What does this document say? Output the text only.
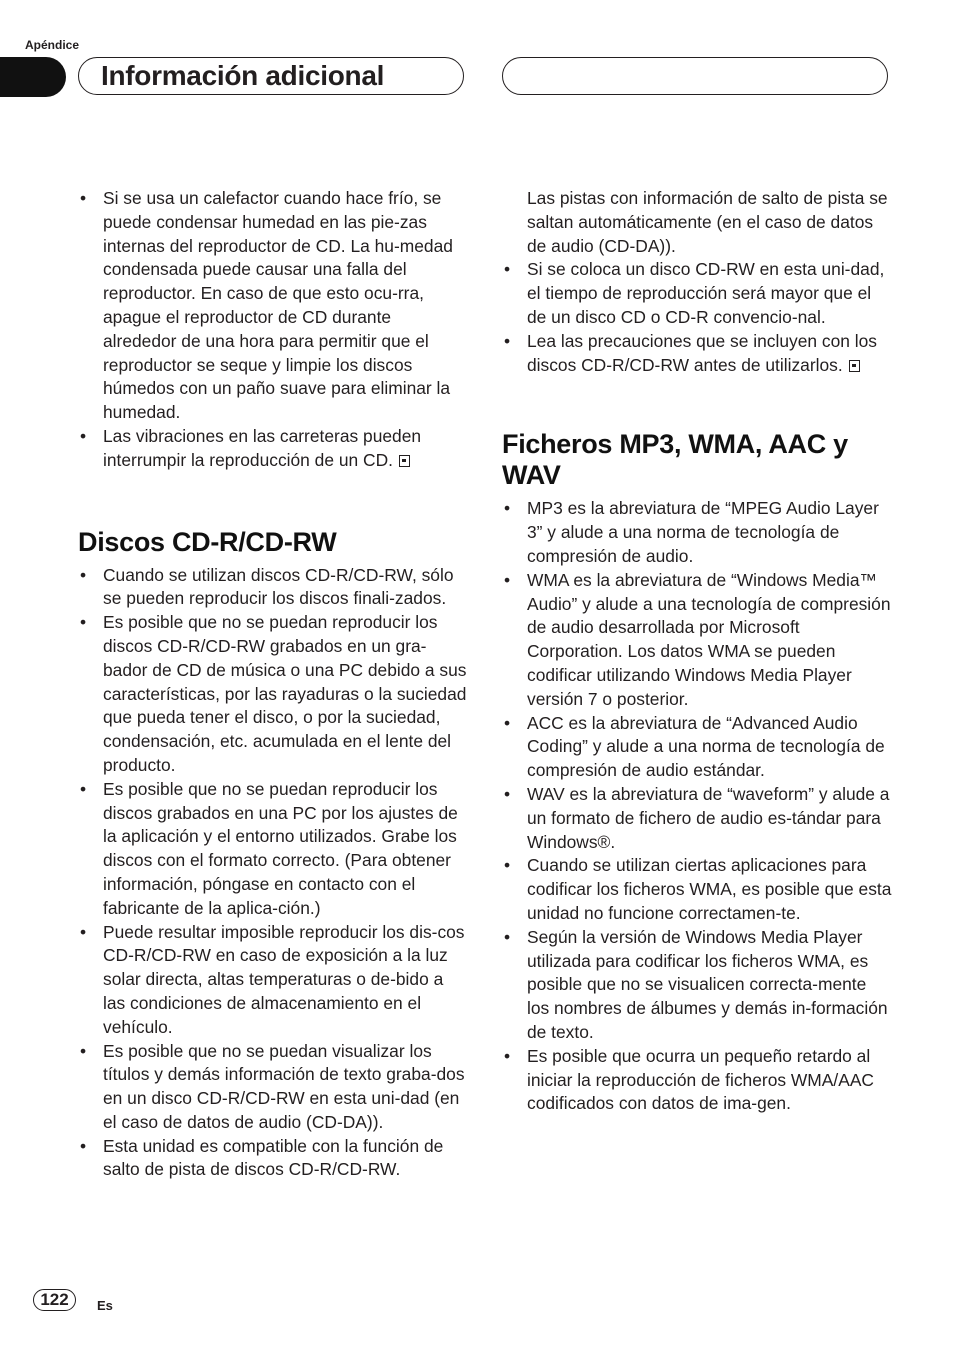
Apéndice
Información adicional
• Si se usa un calefactor cuando hace frío, se puede condensar humedad en las pie-zas internas del reproductor de CD. La hu-medad condensada puede causar una falla del reproductor. En caso de que esto ocu-rra, apague el reproductor de CD durante alrededor de una hora para permitir que el reproductor se seque y limpie los discos húmedos con un paño suave para eliminar la humedad.
• Las vibraciones en las carreteras pueden interrumpir la reproducción de un CD.
Discos CD-R/CD-RW
• Cuando se utilizan discos CD-R/CD-RW, sólo se pueden reproducir los discos finali-zados.
• Es posible que no se puedan reproducir los discos CD-R/CD-RW grabados en un gra-bador de CD de música o una PC debido a sus características, por las rayaduras o la suciedad que pueda tener el disco, o por la suciedad, condensación, etc. acumulada en el lente del producto.
• Es posible que no se puedan reproducir los discos grabados en una PC por los ajustes de la aplicación y el entorno utilizados. Grabe los discos con el formato correcto. (Para obtener información, póngase en contacto con el fabricante de la aplica-ción.)
• Puede resultar imposible reproducir los dis-cos CD-R/CD-RW en caso de exposición a la luz solar directa, altas temperaturas o de-bido a las condiciones de almacenamiento en el vehículo.
• Es posible que no se puedan visualizar los títulos y demás información de texto graba-dos en un disco CD-R/CD-RW en esta uni-dad (en el caso de datos de audio (CD-DA)).
• Esta unidad es compatible con la función de salto de pista de discos CD-R/CD-RW.
Las pistas con información de salto de pista se saltan automáticamente (en el caso de datos de audio (CD-DA)).
• Si se coloca un disco CD-RW en esta uni-dad, el tiempo de reproducción será mayor que el de un disco CD o CD-R convencio-nal.
• Lea las precauciones que se incluyen con los discos CD-R/CD-RW antes de utilizarlos.
Ficheros MP3, WMA, AAC y WAV
• MP3 es la abreviatura de “MPEG Audio Layer 3” y alude a una norma de tecnología de compresión de audio.
• WMA es la abreviatura de “Windows Media™ Audio” y alude a una tecnología de compresión de audio desarrollada por Microsoft Corporation. Los datos WMA se pueden codificar utilizando Windows Media Player versión 7 o posterior.
• ACC es la abreviatura de “Advanced Audio Coding” y alude a una norma de tecnología de compresión de audio estándar.
• WAV es la abreviatura de “waveform” y alude a un formato de fichero de audio es-tándar para Windows®.
• Cuando se utilizan ciertas aplicaciones para codificar los ficheros WMA, es posible que esta unidad no funcione correctamen-te.
• Según la versión de Windows Media Player utilizada para codificar los ficheros WMA, es posible que no se visualicen correcta-mente los nombres de álbumes y demás in-formación de texto.
• Es posible que ocurra un pequeño retardo al iniciar la reproducción de ficheros WMA/AAC codificados con datos de ima-gen.
122	Es
